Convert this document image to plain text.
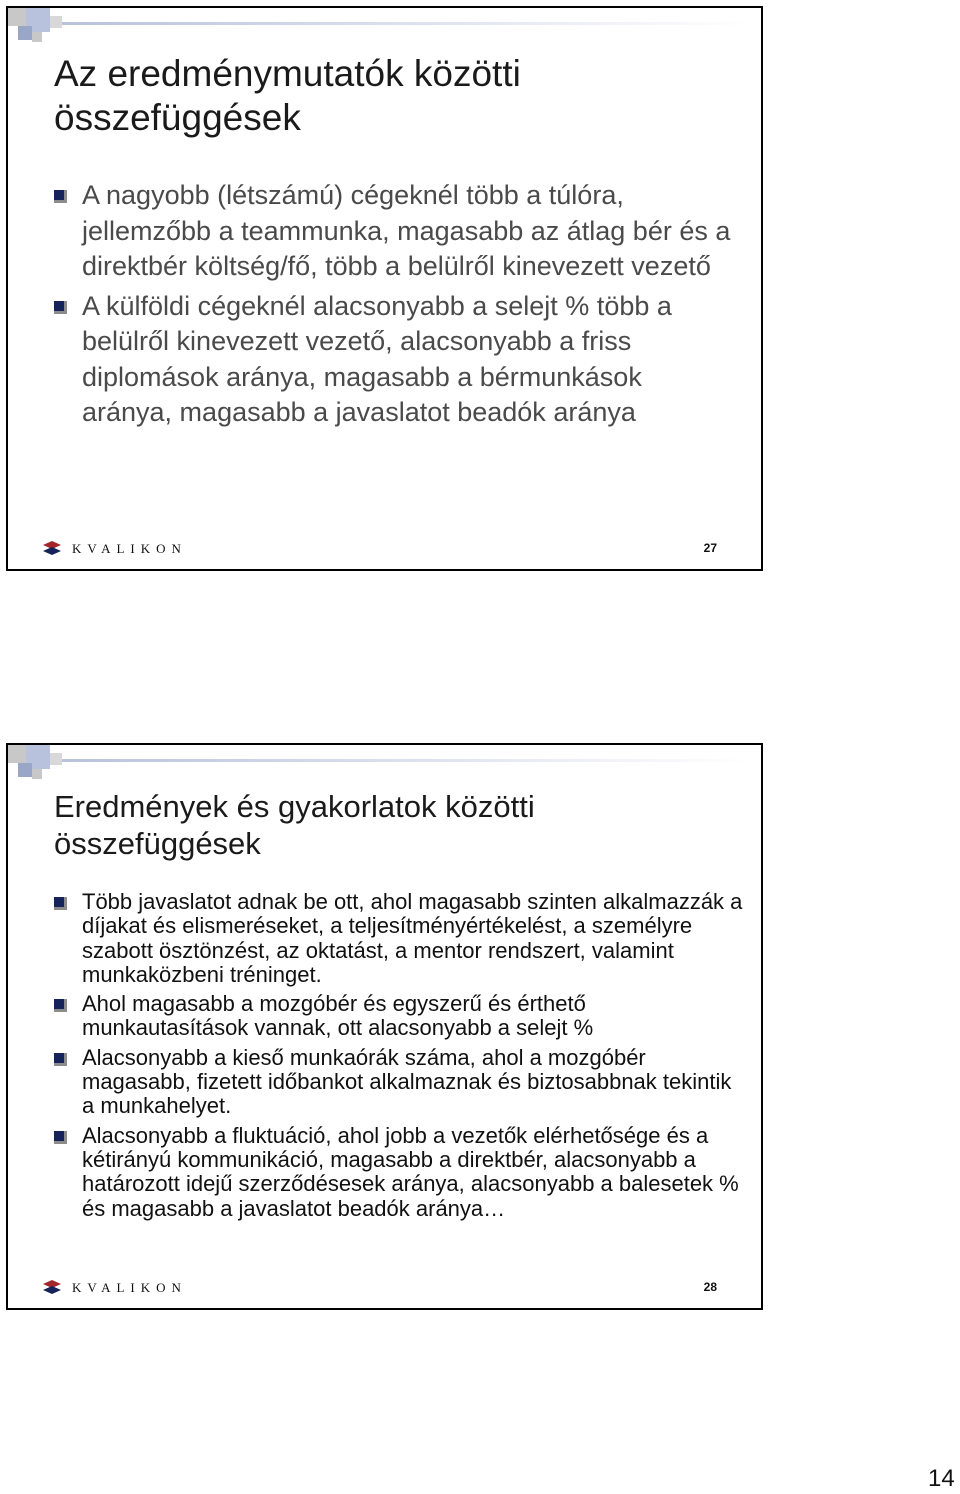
Az eredménymutatók közötti
összefüggések
A nagyobb (létszámú) cégeknél több a túlóra, jellemzőbb a teammunka, magasabb az átlag bér és a direktbér költség/fő, több a belülről kinevezett vezető
A külföldi cégeknél alacsonyabb a selejt % több a belülről kinevezett vezető, alacsonyabb a friss diplomások aránya, magasabb a bérmunkások aránya, magasabb a javaslatot beadók aránya
KVALIKON	27
Eredmények és gyakorlatok közötti
összefüggések
Több javaslatot adnak be ott, ahol magasabb szinten alkalmazzák a díjakat és elismeréseket, a teljesítményértékelést, a személyre szabott ösztönzést, az oktatást, a mentor rendszert, valamint munkaközbeni tréninget.
Ahol magasabb a mozgóbér és egyszerű és érthető munkautasítások vannak, ott alacsonyabb a selejt %
Alacsonyabb a kieső munkaórák száma, ahol a mozgóbér magasabb, fizetett időbankot alkalmaznak és biztosabbnak tekintik a munkahelyet.
Alacsonyabb a fluktuáció, ahol jobb a vezetők elérhetősége és a kétirányú kommunikáció, magasabb a direktbér, alacsonyabb a határozott idejű szerződésesek aránya, alacsonyabb a balesetek % és magasabb a javaslatot beadók aránya…
KVALIKON	28
14
